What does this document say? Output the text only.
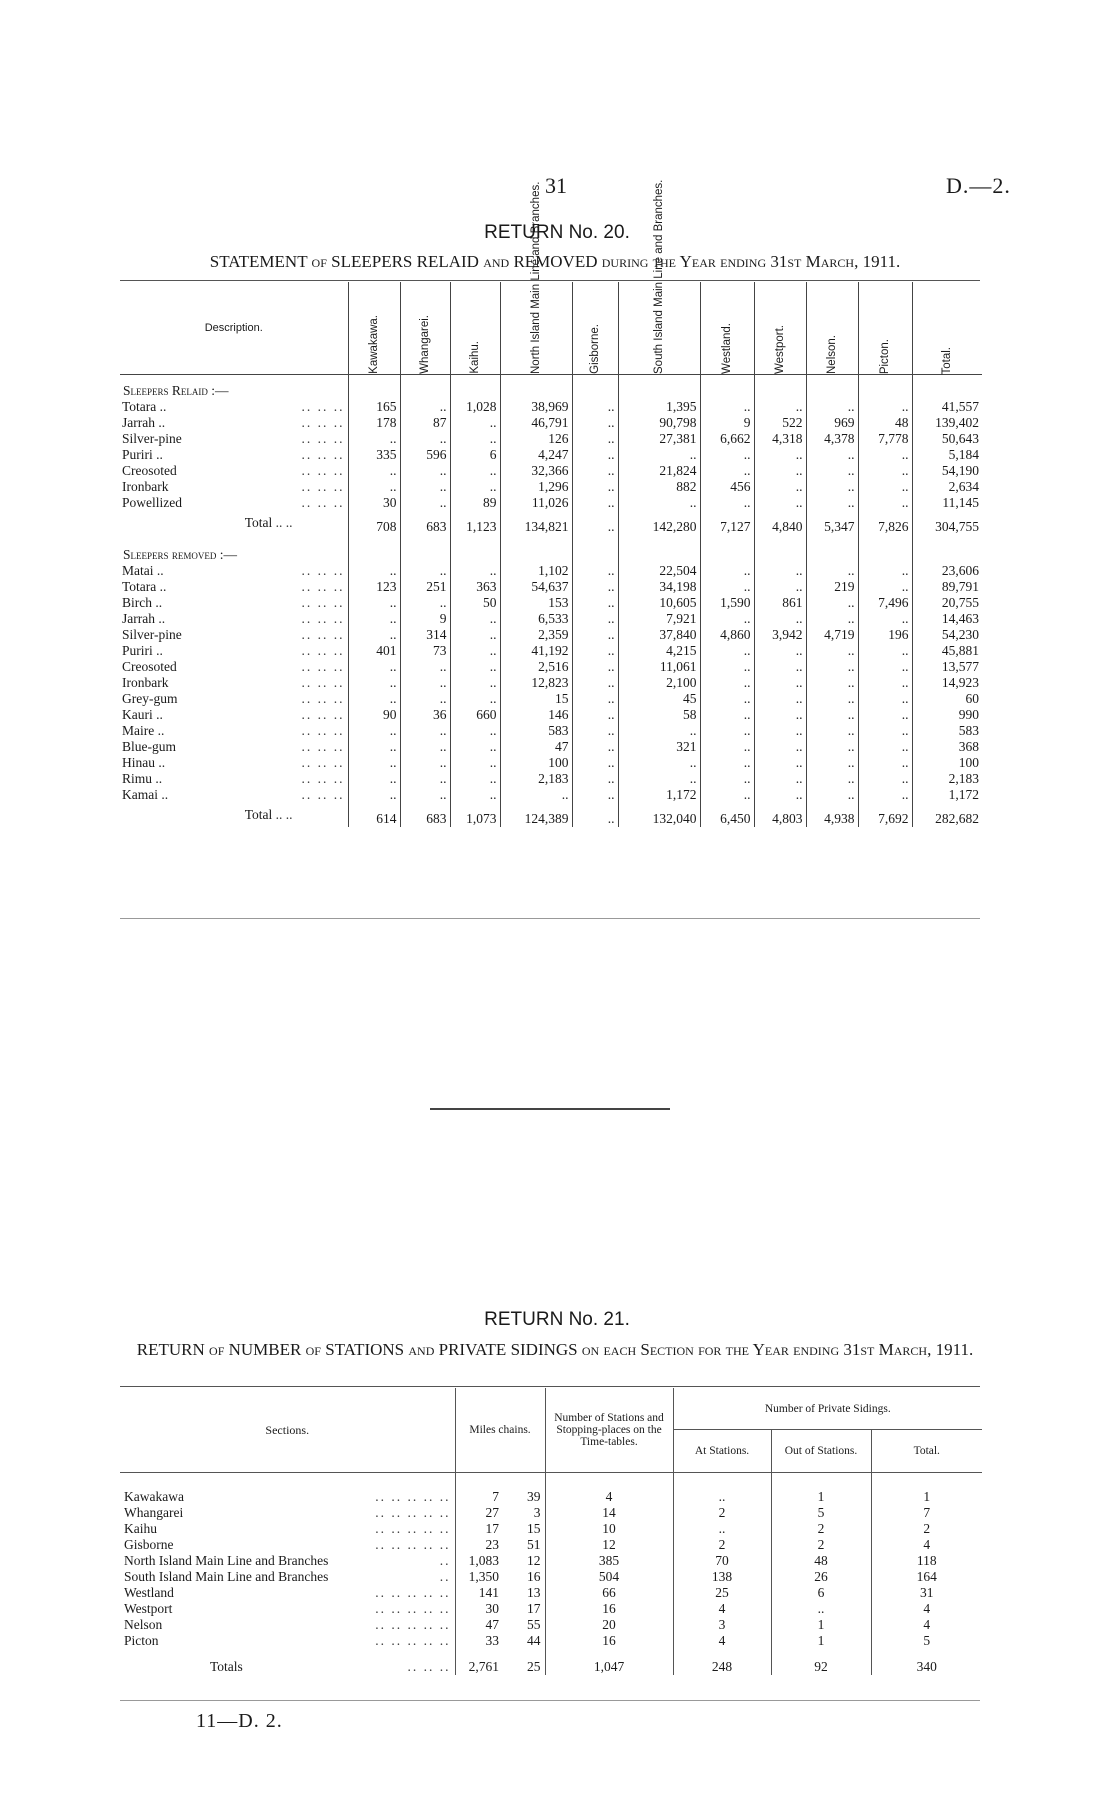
31	D.—2.
RETURN No. 20.
STATEMENT of SLEEPERS RELAID and REMOVED during the Year ending 31st March, 1911.
Description.	Kawakawa.	Whangarei.	Kaihu.	North Island Main Line and Branches.	Gisborne.	South Island Main Line and Branches.	Westland.	Westport.	Nelson.	Picton.	Total.

Sleepers Relaid :—											
Totara .. .. .. ..	165	..	1,028	38,969	..	1,395	..	..	..	..	41,557
Jarrah .. .. .. ..	178	87	..	46,791	..	90,798	9	522	969	48	139,402
Silver-pine .. .. ..	..	..	..	126	..	27,381	6,662	4,318	4,378	7,778	50,643
Puriri .. .. .. ..	335	596	6	4,247	..	..	..	..	..	..	5,184
Creosoted .. .. ..	..	..	..	32,366	..	21,824	..	..	..	..	54,190
Ironbark .. .. ..	..	..	..	1,296	..	882	456	..	..	..	2,634
Powellized .. .. ..	30	..	89	11,026	..	..	..	..	..	..	11,145
Total .. ..	708	683	1,123	134,821	..	142,280	7,127	4,840	5,347	7,826	304,755
Sleepers removed :—											
Matai .. .. .. ..	..	..	..	1,102	..	22,504	..	..	..	..	23,606
Totara .. .. .. ..	123	251	363	54,637	..	34,198	..	..	219	..	89,791
Birch .. .. .. ..	..	..	50	153	..	10,605	1,590	861	..	7,496	20,755
Jarrah .. .. .. ..	..	9	..	6,533	..	7,921	..	..	..	..	14,463
Silver-pine .. .. ..	..	314	..	2,359	..	37,840	4,860	3,942	4,719	196	54,230
Puriri .. .. .. ..	401	73	..	41,192	..	4,215	..	..	..	..	45,881
Creosoted .. .. ..	..	..	..	2,516	..	11,061	..	..	..	..	13,577
Ironbark .. .. ..	..	..	..	12,823	..	2,100	..	..	..	..	14,923
Grey-gum .. .. ..	..	..	..	15	..	45	..	..	..	..	60
Kauri .. .. .. ..	90	36	660	146	..	58	..	..	..	..	990
Maire .. .. .. ..	..	..	..	583	..	..	..	..	..	..	583
Blue-gum .. .. ..	..	..	..	47	..	321	..	..	..	..	368
Hinau .. .. .. ..	..	..	..	100	..	..	..	..	..	..	100
Rimu .. .. .. ..	..	..	..	2,183	..	..	..	..	..	..	2,183
Kamai .. .. .. ..	..	..	..	..	..	1,172	..	..	..	..	1,172
Total .. ..	614	683	1,073	124,389	..	132,040	6,450	4,803	4,938	7,692	282,682
RETURN No. 21.
RETURN of NUMBER of STATIONS and PRIVATE SIDINGS on each Section for the Year ending 31st March, 1911.
Sections.	Miles chains.		Number of Stations and Stopping-places on the Time-tables.	Number of Private Sidings.		
				At Stations.	Out of Stations.	Total.

Kawakawa .. .. .. .. ..	7	39	4	..	1	1
Whangarei .. .. .. .. ..	27	3	14	2	5	7
Kaihu .. .. .. .. ..	17	15	10	..	2	2
Gisborne .. .. .. .. ..	23	51	12	2	2	4
North Island Main Line and Branches ..	1,083	12	385	70	48	118
South Island Main Line and Branches ..	1,350	16	504	138	26	164
Westland .. .. .. .. ..	141	13	66	25	6	31
Westport .. .. .. .. ..	30	17	16	4	..	4
Nelson .. .. .. .. ..	47	55	20	3	1	4
Picton .. .. .. .. ..	33	44	16	4	1	5
Totals .. .. ..	2,761	25	1,047	248	92	340
11—D. 2.
